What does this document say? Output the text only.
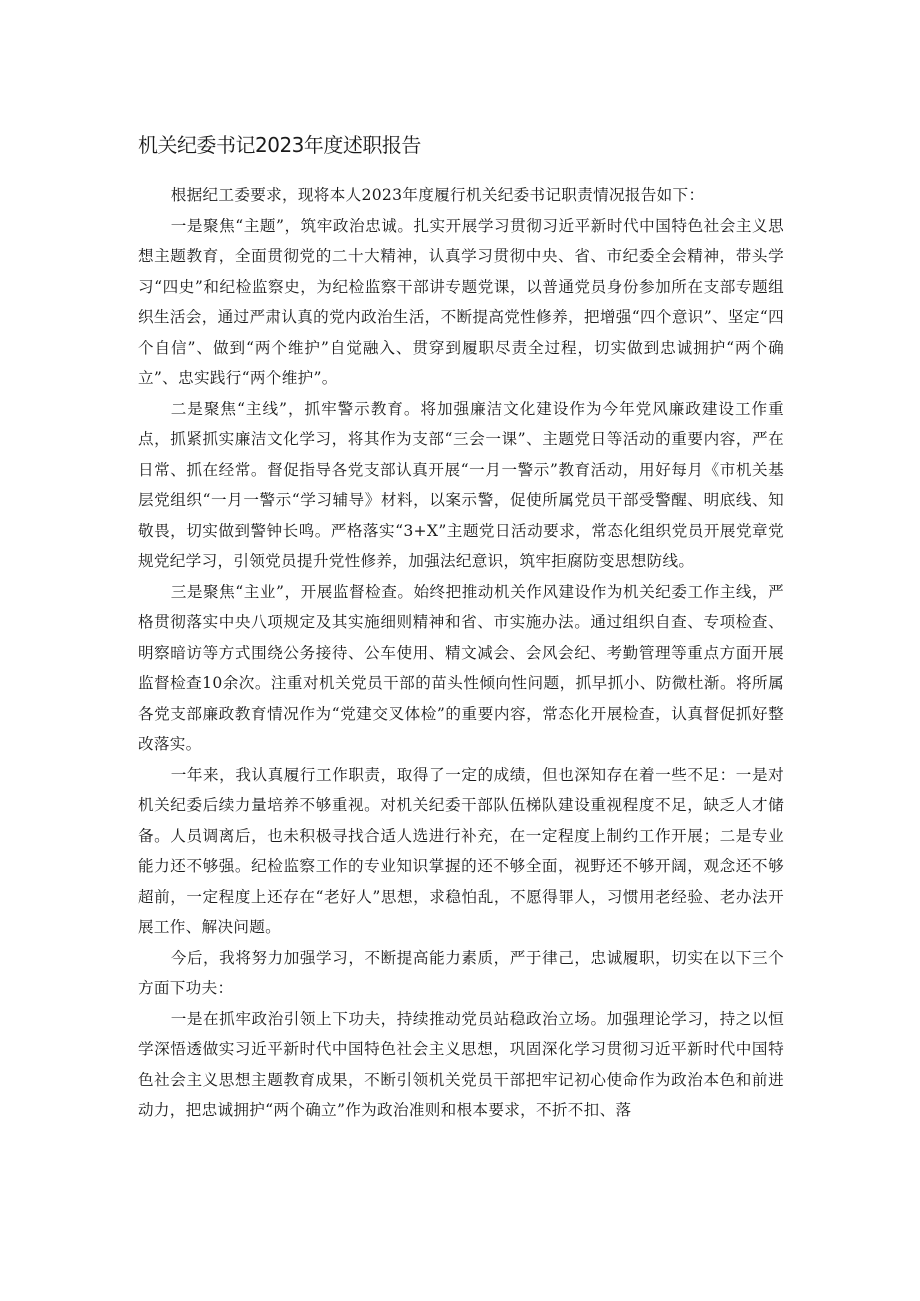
机关纪委书记2023年度述职报告

根据纪工委要求，现将本人2023年度履行机关纪委书记职责情况报告如下：

一是聚焦“主题”，筑牢政治忠诚。扎实开展学习贯彻习近平新时代中国特色社会主义思想主题教育，全面贯彻党的二十大精神，认真学习贯彻中央、省、市纪委全会精神，带头学习“四史”和纪检监察史，为纪检监察干部讲专题党课，以普通党员身份参加所在支部专题组织生活会，通过严肃认真的党内政治生活，不断提高党性修养，把增强“四个意识”、坚定“四个自信”、做到“两个维护”自觉融入、贯穿到履职尽责全过程，切实做到忠诚拥护“两个确立”、忠实践行“两个维护”。

二是聚焦“主线”，抓牢警示教育。将加强廉洁文化建设作为今年党风廉政建设工作重点，抓紧抓实廉洁文化学习，将其作为支部“三会一课”、主题党日等活动的重要内容，严在日常、抓在经常。督促指导各党支部认真开展“一月一警示”教育活动，用好每月《市机关基层党组织“一月一警示“学习辅导》材料，以案示警，促使所属党员干部受警醒、明底线、知敬畏，切实做到警钟长鸣。严格落实“3+X”主题党日活动要求，常态化组织党员开展党章党规党纪学习，引领党员提升党性修养，加强法纪意识，筑牢拒腐防变思想防线。

三是聚焦“主业”，开展监督检查。始终把推动机关作风建设作为机关纪委工作主线，严格贯彻落实中央八项规定及其实施细则精神和省、市实施办法。通过组织自查、专项检查、明察暗访等方式围绕公务接待、公车使用、精文减会、会风会纪、考勤管理等重点方面开展监督检查10余次。注重对机关党员干部的苗头性倾向性问题，抓早抓小、防微杜渐。将所属各党支部廉政教育情况作为“党建交叉体检”的重要内容，常态化开展检查，认真督促抓好整改落实。

一年来，我认真履行工作职责，取得了一定的成绩，但也深知存在着一些不足：一是对机关纪委后续力量培养不够重视。对机关纪委干部队伍梯队建设重视程度不足，缺乏人才储备。人员调离后，也未积极寻找合适人选进行补充，在一定程度上制约工作开展；二是专业能力还不够强。纪检监察工作的专业知识掌握的还不够全面，视野还不够开阔，观念还不够超前，一定程度上还存在“老好人”思想，求稳怕乱，不愿得罪人，习惯用老经验、老办法开展工作、解决问题。

今后，我将努力加强学习，不断提高能力素质，严于律己，忠诚履职，切实在以下三个方面下功夫：

一是在抓牢政治引领上下功夫，持续推动党员站稳政治立场。加强理论学习，持之以恒学深悟透做实习近平新时代中国特色社会主义思想，巩固深化学习贯彻习近平新时代中国特色社会主义思想主题教育成果，不断引领机关党员干部把牢记初心使命作为政治本色和前进动力，把忠诚拥护“两个确立”作为政治准则和根本要求，不折不扣、落
